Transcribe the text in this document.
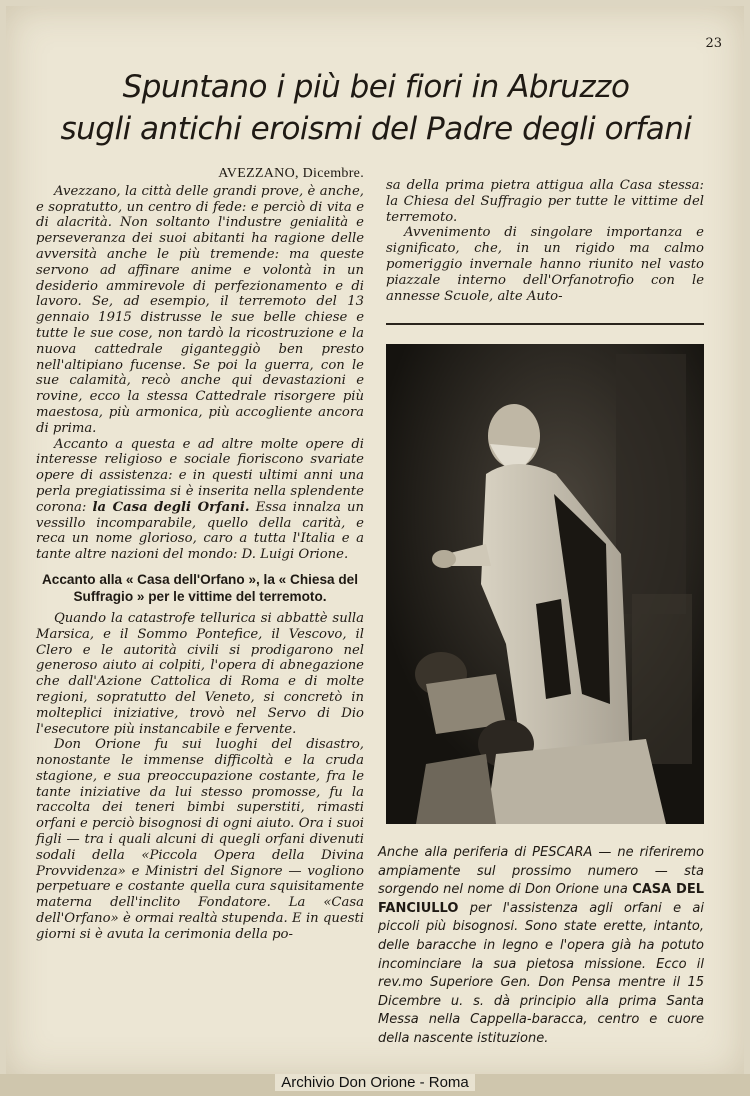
23
Spuntano i più bei fiori in Abruzzo
sugli antichi eroismi del Padre degli orfani
AVEZZANO, Dicembre.

Avezzano, la città delle grandi prove, è anche, e sopratutto, un centro di fede: e perciò di vita e di alacrità. Non soltanto l'industre genialità e perseveranza dei suoi abitanti ha ragione delle avversità anche le più tremende: ma queste servono ad affinare anime e volontà in un desiderio ammirevole di perfezionamento e di lavoro. Se, ad esempio, il terremoto del 13 gennaio 1915 distrusse le sue belle chiese e tutte le sue cose, non tardò la ricostruzione e la nuova cattedrale giganteggiò ben presto nell'altipiano fucense. Se poi la guerra, con le sue calamità, recò anche qui devastazioni e rovine, ecco la stessa Cattedrale risorgere più maestosa, più armonica, più accogliente ancora di prima.

Accanto a questa e ad altre molte opere di interesse religioso e sociale fioriscono svariate opere di assistenza: e in questi ultimi anni una perla pregiatissima si è inserita nella splendente corona: la Casa degli Orfani. Essa innalza un vessillo incomparabile, quello della carità, e reca un nome glorioso, caro a tutta l'Italia e a tante altre nazioni del mondo: D. Luigi Orione.

Accanto alla « Casa dell'Orfano », la « Chiesa del Suffragio » per le vittime del terremoto.

Quando la catastrofe tellurica si abbattè sulla Marsica, e il Sommo Pontefice, il Vescovo, il Clero e le autorità civili si prodigarono nel generoso aiuto ai colpiti, l'opera di abnegazione che dall'Azione Cattolica di Roma e di molte regioni, sopratutto del Veneto, si concretò in molteplici iniziative, trovò nel Servo di Dio l'esecutore più instancabile e fervente.

Don Orione fu sui luoghi del disastro, nonostante le immense difficoltà e la cruda stagione, e sua preoccupazione costante, fra le tante iniziative da lui stesso promosse, fu la raccolta dei teneri bimbi superstiti, rimasti orfani e perciò bisognosi di ogni aiuto. Ora i suoi figli — tra i quali alcuni di quegli orfani divenuti sodali della «Piccola Opera della Divina Provvidenza» e Ministri del Signore — vogliono perpetuare e costante quella cura squisitamente materna dell'inclito Fondatore. La «Casa dell'Orfano» è ormai realtà stupenda. E in questi giorni si è avuta la cerimonia della po-

sa della prima pietra attigua alla Casa stessa: la Chiesa del Suffragio per tutte le vittime del terremoto.

Avvenimento di singolare importanza e significato, che, in un rigido ma calmo pomeriggio invernale hanno riunito nel vasto piazzale interno dell'Orfanotrofio con le annesse Scuole, alte Auto-

Anche alla periferia di PESCARA — ne riferiremo ampiamente sul prossimo numero — sta sorgendo nel nome di Don Orione una CASA DEL FANCIULLO per l'assistenza agli orfani e ai piccoli più bisognosi. Sono state erette, intanto, delle baracche in legno e l'opera già ha potuto incominciare la sua pietosa missione. Ecco il rev.mo Superiore Gen. Don Pensa mentre il 15 Dicembre u. s. dà principio alla prima Santa Messa nella Cappella-baracca, centro e cuore della nascente istituzione.
Archivio Don Orione - Roma
